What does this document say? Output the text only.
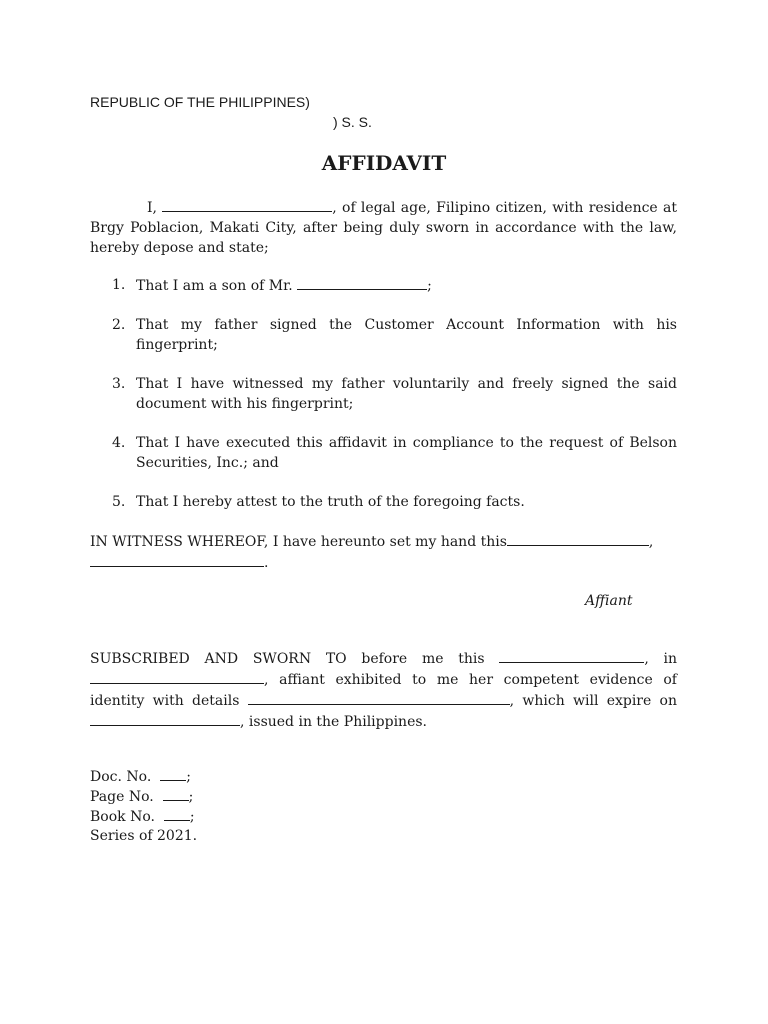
REPUBLIC OF THE PHILIPPINES)
) S. S.
AFFIDAVIT

I,	, of legal age, Filipino citizen, with residence at Brgy Poblacion, Makati City, after being duly sworn in accordance with the law, hereby depose and state;

1. That I am a son of Mr.	;
2. That my father signed the Customer Account Information with his fingerprint;
3. That I have witnessed my father voluntarily and freely signed the said document with his fingerprint;
4. That I have executed this affidavit in compliance to the request of Belson Securities, Inc.; and
5. That I hereby attest to the truth of the foregoing facts.

IN WITNESS WHEREOF, I have hereunto set my hand this	,
.

Affiant

SUBSCRIBED AND SWORN TO before me this	, in , affiant exhibited to me her competent evidence of identity with details	, which will expire on , issued in the Philippines.

Doc. No. ;
Page No. ;
Book No. ;
Series of 2021.
